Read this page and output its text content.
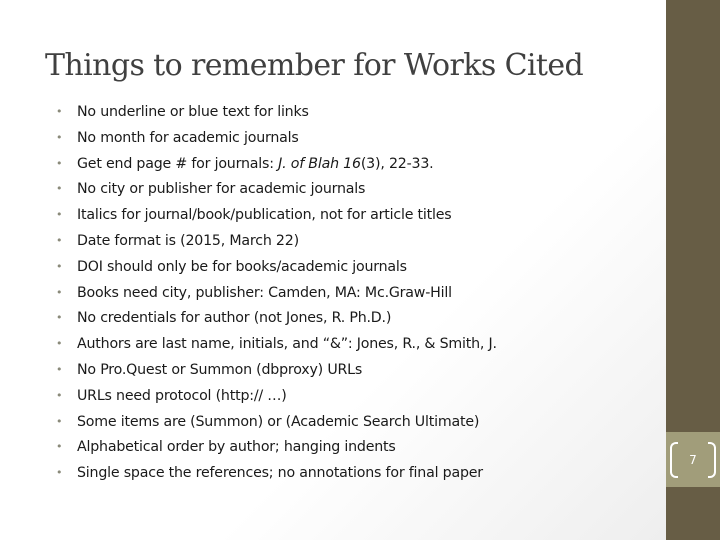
Things to remember for Works Cited
•	No underline or blue text for links
•	No month for academic journals
•	Get end page # for journals: J. of Blah 16(3), 22-33.
•	No city or publisher for academic journals
•	Italics for journal/book/publication, not for article titles
•	Date format is (2015, March 22)
•	DOI should only be for books/academic journals
•	Books need city, publisher: Camden, MA: Mc.Graw-Hill
•	No credentials for author (not Jones, R. Ph.D.)
•	Authors are last name, initials, and “&”: Jones, R., & Smith, J.
•	No Pro.Quest or Summon (dbproxy) URLs
•	URLs need protocol (http:// …)
•	Some items are (Summon) or (Academic Search Ultimate)
•	Alphabetical order by author; hanging indents
•	Single space the references; no annotations for final paper
7
